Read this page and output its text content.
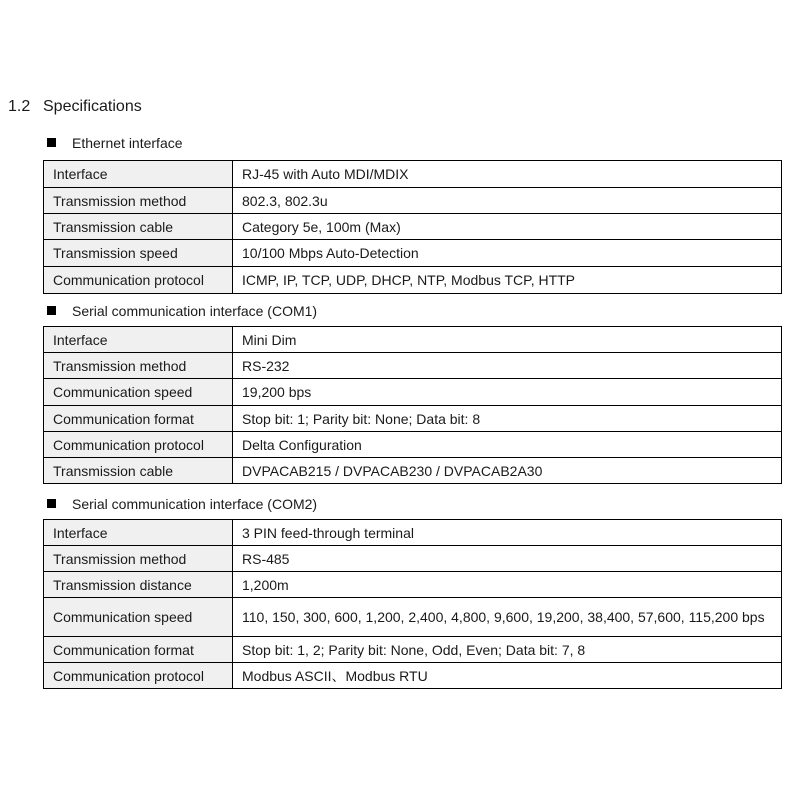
1.2 Specifications
Ethernet interface
Interface	RJ-45 with Auto MDI/MDIX
Transmission method	802.3, 802.3u
Transmission cable	Category 5e, 100m (Max)
Transmission speed	10/100 Mbps Auto-Detection
Communication protocol	ICMP, IP, TCP, UDP, DHCP, NTP, Modbus TCP, HTTP
Serial communication interface (COM1)
Interface	Mini Dim
Transmission method	RS-232
Communication speed	19,200 bps
Communication format	Stop bit: 1; Parity bit: None; Data bit: 8
Communication protocol	Delta Configuration
Transmission cable	DVPACAB215 / DVPACAB230 / DVPACAB2A30
Serial communication interface (COM2)
Interface	3 PIN feed-through terminal
Transmission method	RS-485
Transmission distance	1,200m
Communication speed	110, 150, 300, 600, 1,200, 2,400, 4,800, 9,600, 19,200, 38,400, 57,600, 115,200 bps
Communication format	Stop bit: 1, 2; Parity bit: None, Odd, Even; Data bit: 7, 8
Communication protocol	Modbus ASCII、Modbus RTU
